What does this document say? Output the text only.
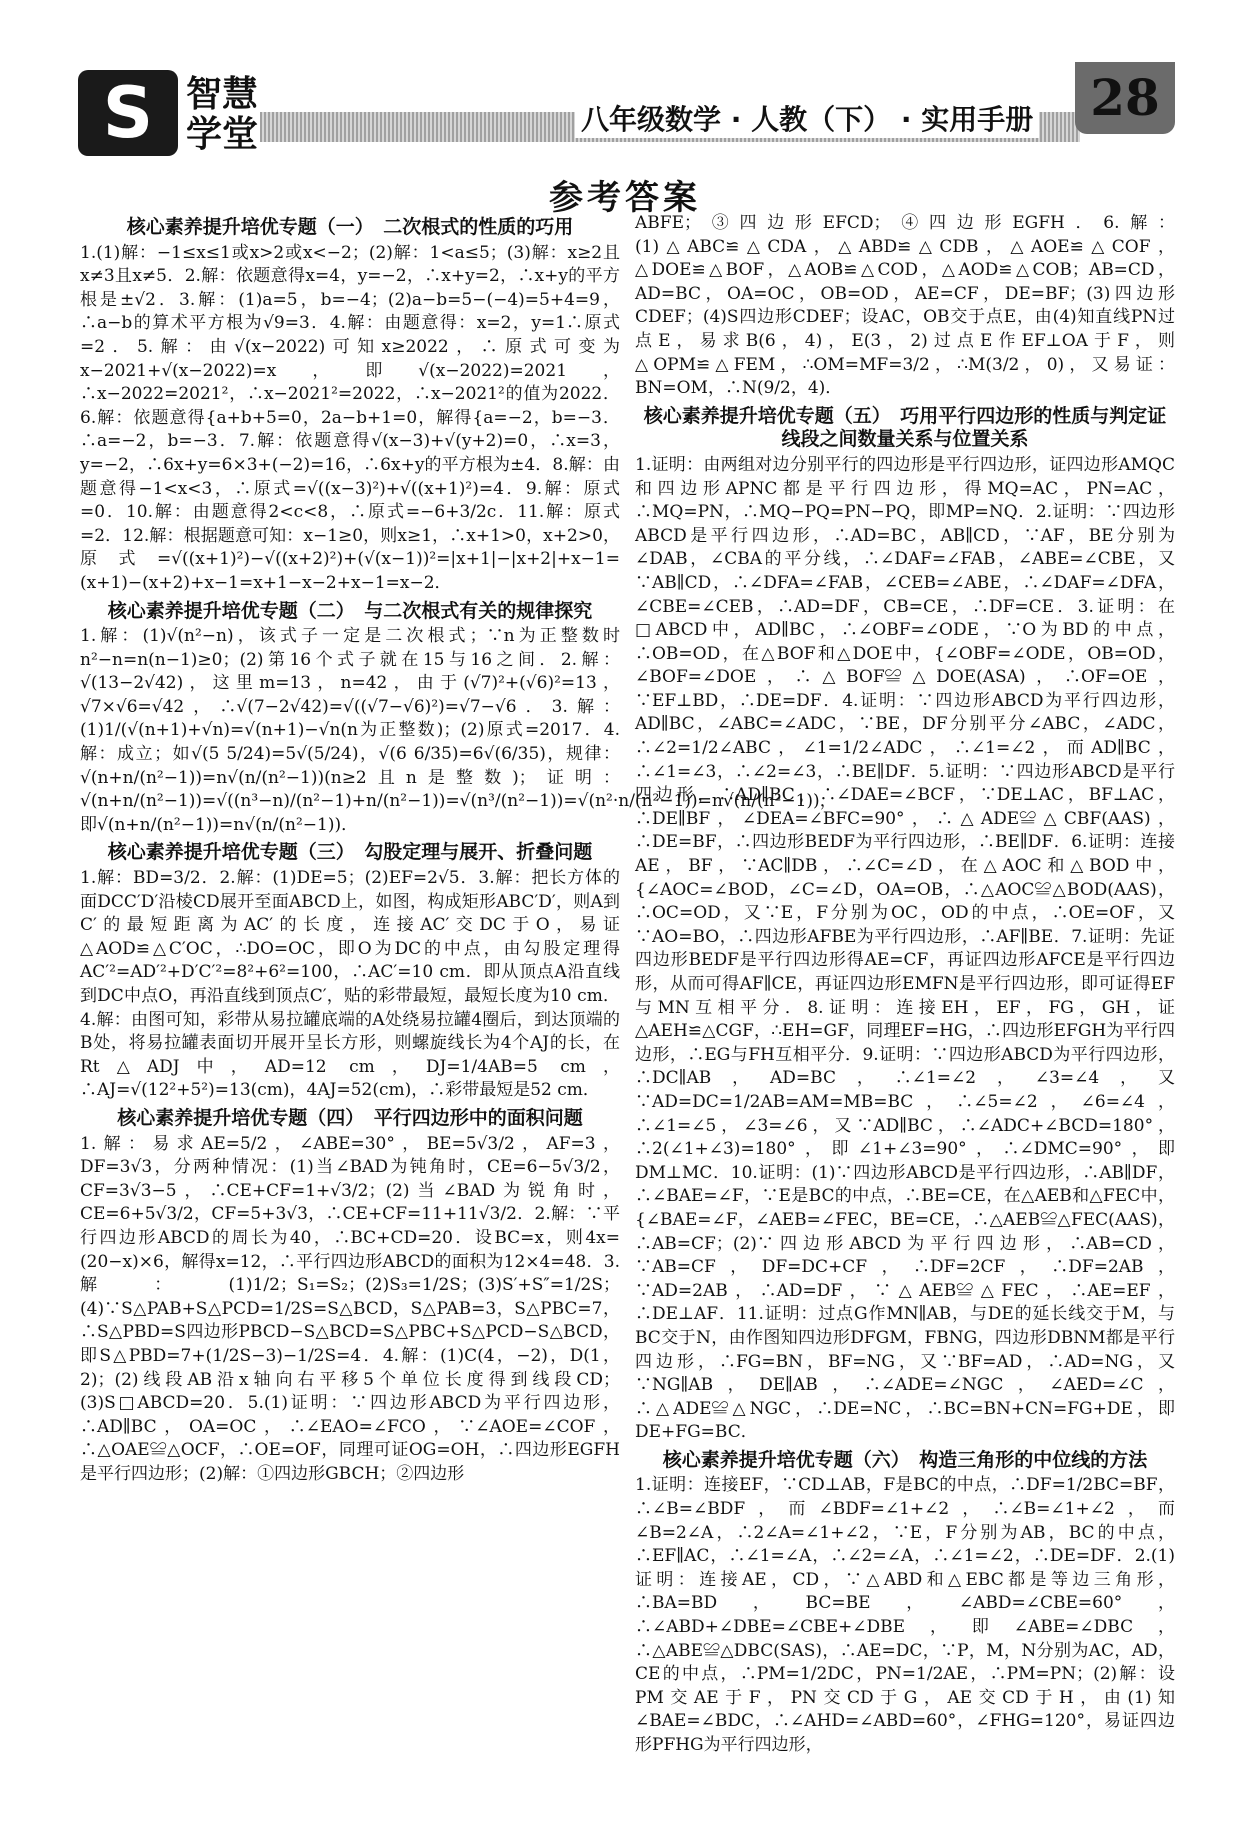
S 智慧学堂	八年级数学 · 人教（下） · 实用手册	28
参考答案
核心素养提升培优专题（一）　二次根式的性质的巧用

1.(1)解：−1≤x≤1或x>2或x<−2；(2)解：1<a≤5；(3)解：x≥2且x≠3且x≠5．2.解：依题意得x=4，y=−2，∴x+y=2，∴x+y的平方根是±√2．3.解：(1)a=5，b=−4；(2)a−b=5−(−4)=5+4=9，∴a−b的算术平方根为√9=3．4.解：由题意得：x=2，y=1∴原式=2．5.解：由√(x−2022)可知x≥2022，∴原式可变为x−2021+√(x−2022)=x，即√(x−2022)=2021，∴x−2022=2021²，∴x−2021²=2022，∴x−2021²的值为2022．6.解：依题意得{a+b+5=0，2a−b+1=0，解得{a=−2，b=−3．∴a=−2，b=−3．7.解：依题意得√(x−3)+√(y+2)=0，∴x=3，y=−2，∴6x+y=6×3+(−2)=16，∴6x+y的平方根为±4．8.解：由题意得−1<x<3，∴原式=√((x−3)²)+√((x+1)²)=4．9.解：原式=0．10.解：由题意得2<c<8，∴原式=−6+3/2c．11.解：原式=2．12.解：根据题意可知：x−1≥0，则x≥1，∴x+1>0，x+2>0，原式=√((x+1)²)−√((x+2)²)+(√(x−1))²=|x+1|−|x+2|+x−1=(x+1)−(x+2)+x−1=x+1−x−2+x−1=x−2．

核心素养提升培优专题（二）　与二次根式有关的规律探究

1.解：(1)√(n²−n)，该式子一定是二次根式；∵n为正整数时n²−n=n(n−1)≥0；(2)第16个式子就在15与16之间．2.解：√(13−2√42)，这里m=13，n=42，由于(√7)²+(√6)²=13，√7×√6=√42，∴√(7−2√42)=√((√7−√6)²)=√7−√6．3.解：(1)1/(√(n+1)+√n)=√(n+1)−√n(n为正整数)；(2)原式=2017．4.解：成立；如√(5 5/24)=5√(5/24)，√(6 6/35)=6√(6/35)，规律：√(n+n/(n²−1))=n√(n/(n²−1))(n≥2且n是整数)；证明：√(n+n/(n²−1))=√((n³−n)/(n²−1)+n/(n²−1))=√(n³/(n²−1))=√(n²·n/(n²−1))=n√(n/(n²−1))，即√(n+n/(n²−1))=n√(n/(n²−1))．

核心素养提升培优专题（三）　勾股定理与展开、折叠问题

1.解：BD=3/2．2.解：(1)DE=5；(2)EF=2√5．3.解：把长方体的面DCC′D′沿棱CD展开至面ABCD上，如图，构成矩形ABC′D′，则A到C′的最短距离为AC′的长度，连接AC′交DC于O，易证△AOD≌△C′OC，∴DO=OC，即O为DC的中点，由勾股定理得AC′²=AD′²+D′C′²=8²+6²=100，∴AC′=10 cm．即从顶点A沿直线到DC中点O，再沿直线到顶点C′，贴的彩带最短，最短长度为10 cm．4.解：由图可知，彩带从易拉罐底端的A处绕易拉罐4圈后，到达顶端的B处，将易拉罐表面切开展开呈长方形，则螺旋线长为4个AJ的长，在Rt△ADJ中，AD=12 cm，DJ=1/4AB=5 cm，∴AJ=√(12²+5²)=13(cm)，4AJ=52(cm)，∴彩带最短是52 cm．

核心素养提升培优专题（四）　平行四边形中的面积问题

1.解：易求AE=5/2，∠ABE=30°，BE=5√3/2，AF=3，DF=3√3，分两种情况：(1)当∠BAD为钝角时，CE=6−5√3/2，CF=3√3−5，∴CE+CF=1+√3/2；(2)当∠BAD为锐角时，CE=6+5√3/2，CF=5+3√3，∴CE+CF=11+11√3/2．2.解：∵平行四边形ABCD的周长为40，∴BC+CD=20．设BC=x，则4x=(20−x)×6，解得x=12，∴平行四边形ABCD的面积为12×4=48．3.解：(1)1/2；S₁=S₂；(2)S₃=1/2S；(3)S′+S″=1/2S；(4)∵S△PAB+S△PCD=1/2S=S△BCD，S△PAB=3，S△PBC=7，∴S△PBD=S四边形PBCD−S△BCD=S△PBC+S△PCD−S△BCD，即S△PBD=7+(1/2S−3)−1/2S=4．4.解：(1)C(4，−2)，D(1，2)；(2)线段AB沿x轴向右平移5个单位长度得到线段CD；(3)S□ABCD=20．5.(1)证明：∵四边形ABCD为平行四边形，∴AD∥BC，OA=OC，∴∠EAO=∠FCO，∵∠AOE=∠COF，∴△OAE≌△OCF，∴OE=OF，同理可证OG=OH，∴四边形EGFH是平行四边形；(2)解：①四边形GBCH；②四边形

ABFE；③四边形EFCD；④四边形EGFH．6.解：(1)△ABC≌△CDA，△ABD≌△CDB，△AOE≌△COF，△DOE≌△BOF，△AOB≌△COD，△AOD≌△COB；AB=CD，AD=BC，OA=OC，OB=OD，AE=CF，DE=BF；(3)四边形CDEF；(4)S四边形CDEF；设AC，OB交于点E，由(4)知直线PN过点E，易求B(6，4)，E(3，2)过点E作EF⊥OA于F，则△OPM≌△FEM，∴OM=MF=3/2，∴M(3/2，0)，又易证：BN=OM，∴N(9/2，4)．

核心素养提升培优专题（五）　巧用平行四边形的性质与判定证线段之间数量关系与位置关系

1.证明：由两组对边分别平行的四边形是平行四边形，证四边形AMQC和四边形APNC都是平行四边形，得MQ=AC，PN=AC，∴MQ=PN，∴MQ−PQ=PN−PQ，即MP=NQ．2.证明：∵四边形ABCD是平行四边形，∴AD=BC，AB∥CD，∵AF，BE分别为∠DAB，∠CBA的平分线，∴∠DAF=∠FAB，∠ABE=∠CBE，又∵AB∥CD，∴∠DFA=∠FAB，∠CEB=∠ABE，∴∠DAF=∠DFA，∠CBE=∠CEB，∴AD=DF，CB=CE，∴DF=CE．3.证明：在□ABCD中，AD∥BC，∴∠OBF=∠ODE，∵O为BD的中点，∴OB=OD，在△BOF和△DOE中，{∠OBF=∠ODE，OB=OD，∠BOF=∠DOE，∴△BOF≌△DOE(ASA)，∴OF=OE，∵EF⊥BD，∴DE=DF．4.证明：∵四边形ABCD为平行四边形，AD∥BC，∠ABC=∠ADC，∵BE，DF分别平分∠ABC，∠ADC，∴∠2=1/2∠ABC，∠1=1/2∠ADC，∴∠1=∠2，而AD∥BC，∴∠1=∠3，∴∠2=∠3，∴BE∥DF．5.证明：∵四边形ABCD是平行四边形，∴AD∥BC，∴∠DAE=∠BCF，∵DE⊥AC，BF⊥AC，∴DE∥BF，∠DEA=∠BFC=90°，∴△ADE≌△CBF(AAS)，∴DE=BF，∴四边形BEDF为平行四边形，∴BE∥DF．6.证明：连接AE，BF，∵AC∥DB，∴∠C=∠D，在△AOC和△BOD中，{∠AOC=∠BOD，∠C=∠D，OA=OB，∴△AOC≌△BOD(AAS)，∴OC=OD，又∵E，F分别为OC，OD的中点，∴OE=OF，又∵AO=BO，∴四边形AFBE为平行四边形，∴AF∥BE．7.证明：先证四边形BEDF是平行四边形得AE=CF，再证四边形AFCE是平行四边形，从而可得AF∥CE，再证四边形EMFN是平行四边形，即可证得EF与MN互相平分．8.证明：连接EH，EF，FG，GH，证△AEH≌△CGF，∴EH=GF，同理EF=HG，∴四边形EFGH为平行四边形，∴EG与FH互相平分．9.证明：∵四边形ABCD为平行四边形，∴DC∥AB，AD=BC，∴∠1=∠2，∠3=∠4，又∵AD=DC=1/2AB=AM=MB=BC，∴∠5=∠2，∠6=∠4，∴∠1=∠5，∠3=∠6，又∵AD∥BC，∴∠ADC+∠BCD=180°，∴2(∠1+∠3)=180°，即∠1+∠3=90°，∴∠DMC=90°，即DM⊥MC．10.证明：(1)∵四边形ABCD是平行四边形，∴AB∥DF，∴∠BAE=∠F，∵E是BC的中点，∴BE=CE，在△AEB和△FEC中，{∠BAE=∠F，∠AEB=∠FEC，BE=CE，∴△AEB≌△FEC(AAS)，∴AB=CF；(2)∵四边形ABCD为平行四边形，∴AB=CD，∵AB=CF，DF=DC+CF，∴DF=2CF，∴DF=2AB，∵AD=2AB，∴AD=DF，∵△AEB≌△FEC，∴AE=EF，∴DE⊥AF．11.证明：过点G作MN∥AB，与DE的延长线交于M，与BC交于N，由作图知四边形DFGM，FBNG，四边形DBNM都是平行四边形，∴FG=BN，BF=NG，又∵BF=AD，∴AD=NG，又∵NG∥AB，DE∥AB，∴∠ADE=∠NGC，∠AED=∠C，∴△ADE≌△NGC，∴DE=NC，∴BC=BN+CN=FG+DE，即DE+FG=BC．

核心素养提升培优专题（六）　构造三角形的中位线的方法

1.证明：连接EF，∵CD⊥AB，F是BC的中点，∴DF=1/2BC=BF，∴∠B=∠BDF，而∠BDF=∠1+∠2，∴∠B=∠1+∠2，而∠B=2∠A，∴2∠A=∠1+∠2，∵E，F分别为AB，BC的中点，∴EF∥AC，∴∠1=∠A，∴∠2=∠A，∴∠1=∠2，∴DE=DF．2.(1)证明：连接AE，CD，∵△ABD和△EBC都是等边三角形，∴BA=BD，BC=BE，∠ABD=∠CBE=60°，∴∠ABD+∠DBE=∠CBE+∠DBE，即∠ABE=∠DBC，∴△ABE≌△DBC(SAS)，∴AE=DC，∵P，M，N分别为AC，AD，CE的中点，∴PM=1/2DC，PN=1/2AE，∴PM=PN；(2)解：设PM交AE于F，PN交CD于G，AE交CD于H，由(1)知∠BAE=∠BDC，∴∠AHD=∠ABD=60°，∠FHG=120°，易证四边形PFHG为平行四边形，
